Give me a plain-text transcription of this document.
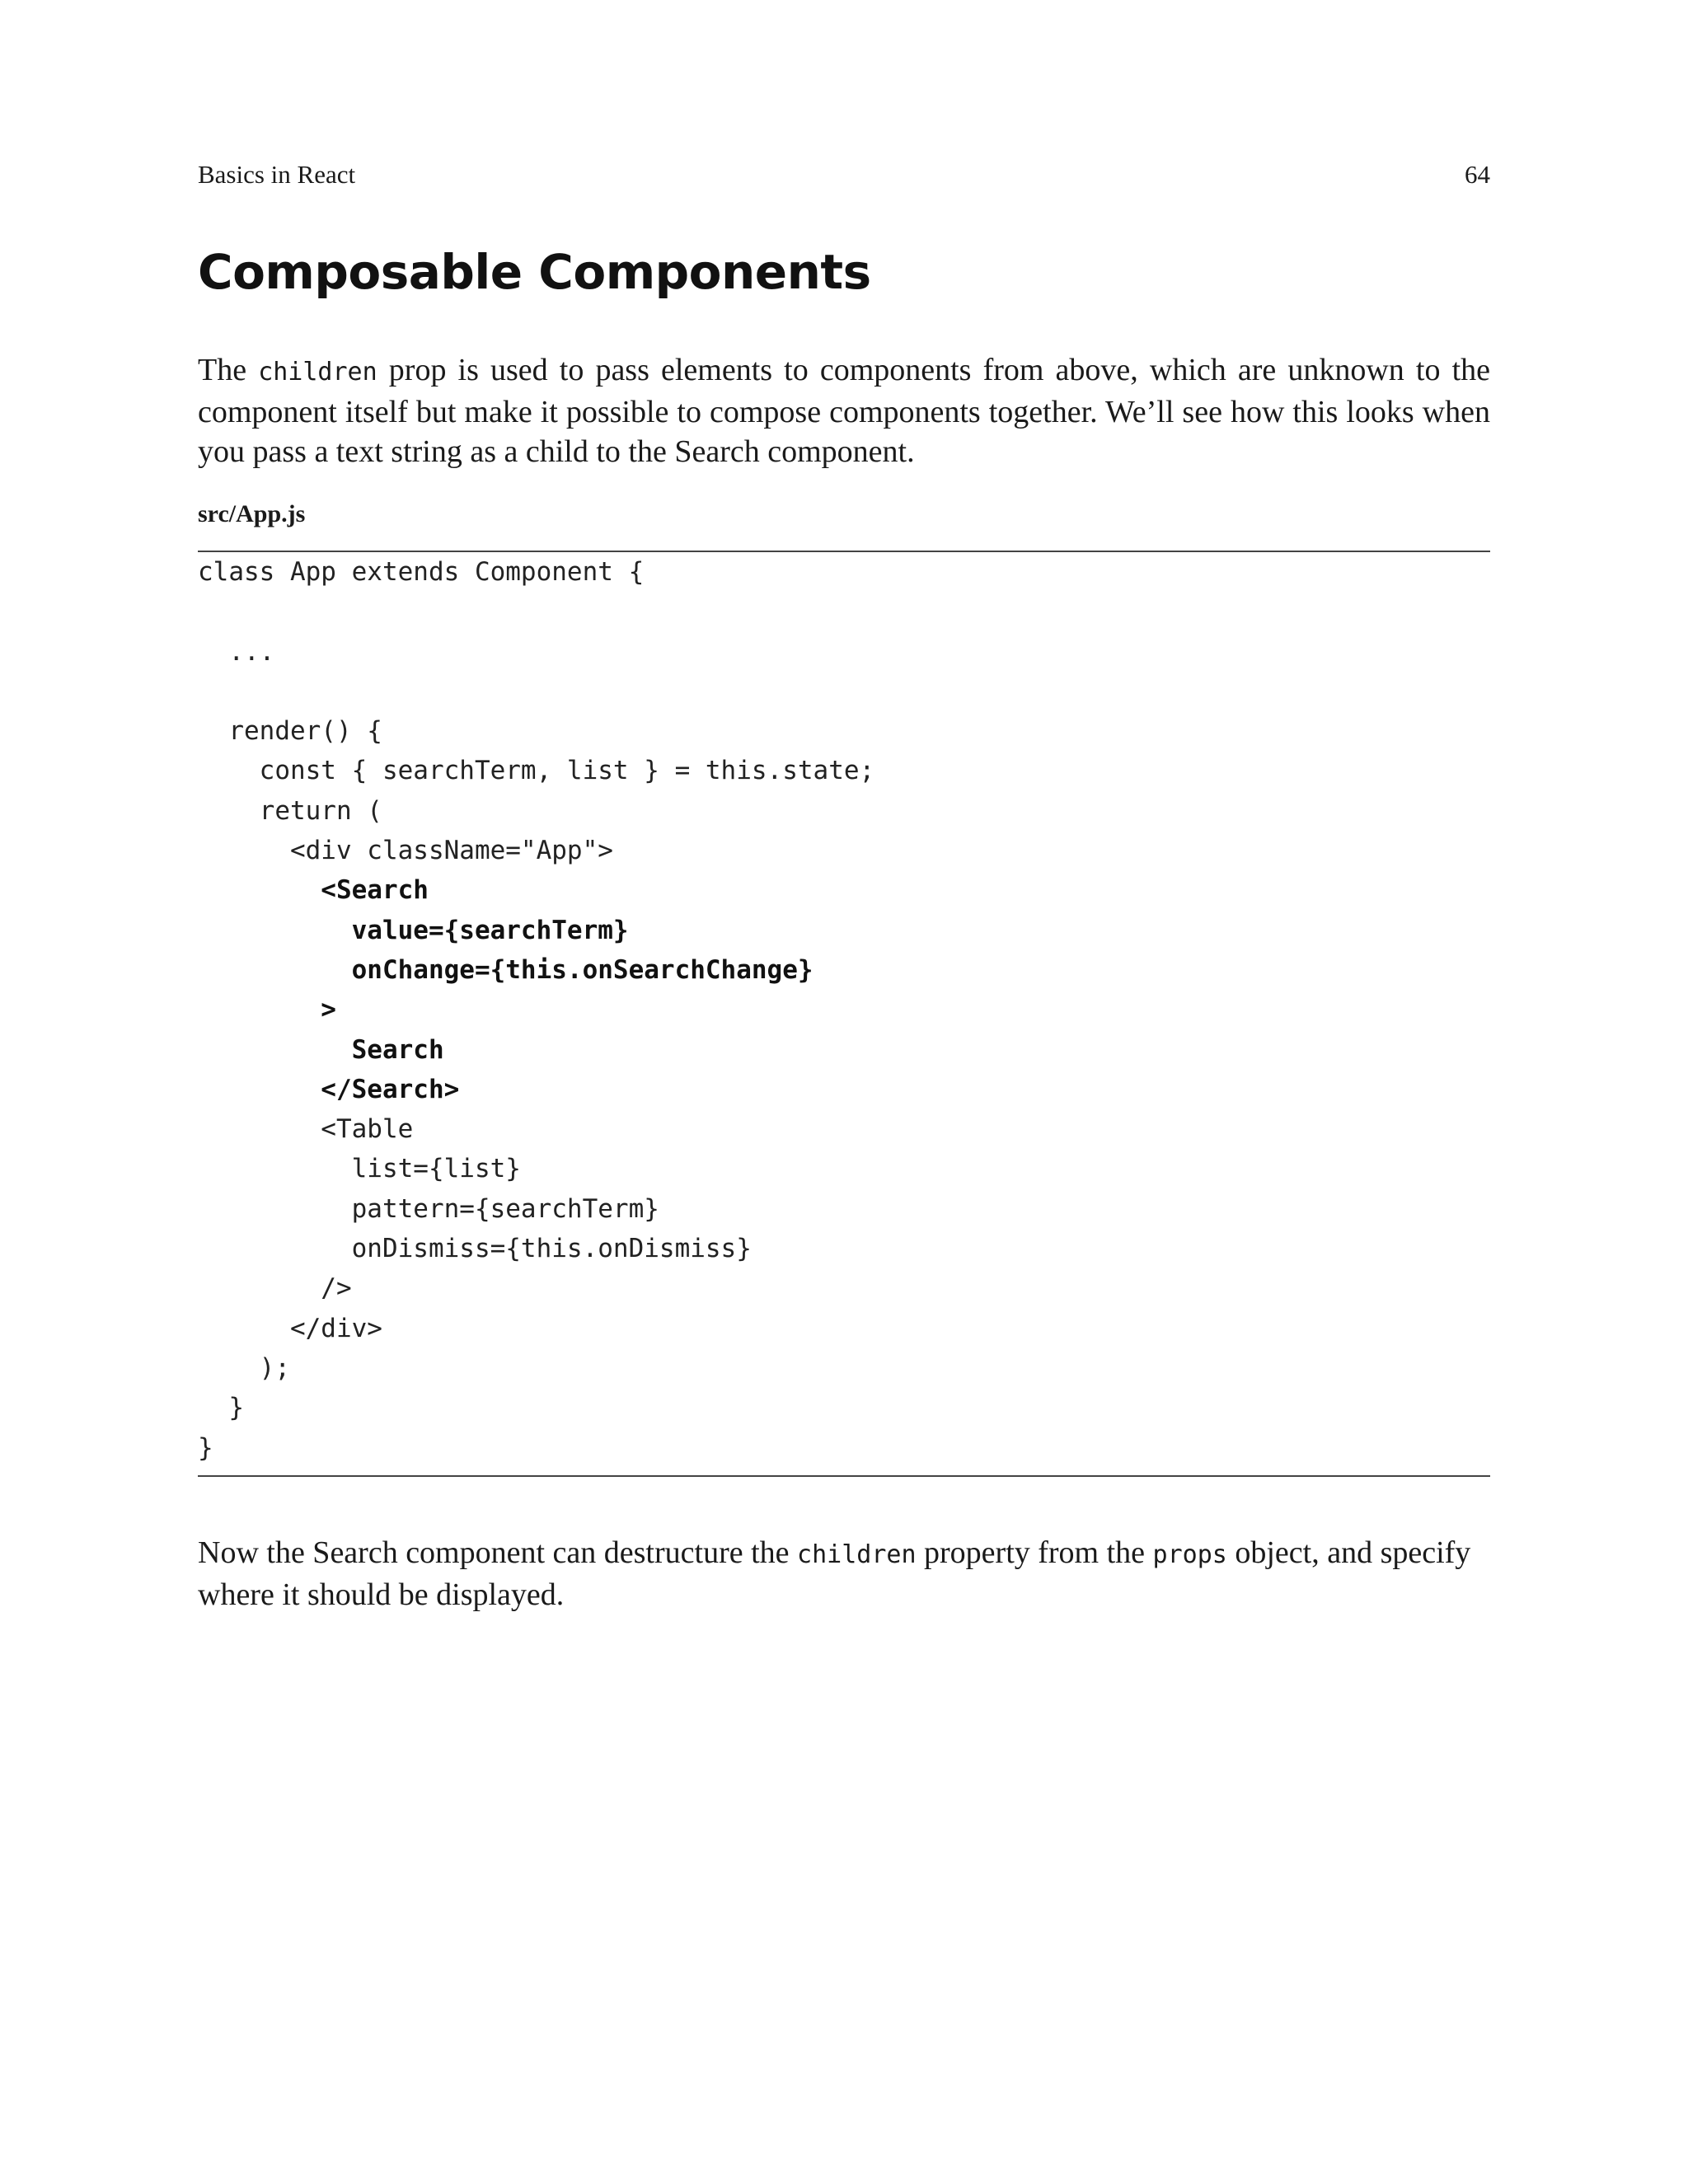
Basics in React	64
Composable Components

The children prop is used to pass elements to components from above, which are unknown to the component itself but make it possible to compose components together. We’ll see how this looks when you pass a text string as a child to the Search component.

src/App.js
class App extends Component {
...
render() {
const { searchTerm, list } = this.state;
return (
<div className="App">
<Search
value={searchTerm}
onChange={this.onSearchChange}
>
Search
</Search>
<Table
list={list}
pattern={searchTerm}
onDismiss={this.onDismiss}
/>
</div>
);
}
}

Now the Search component can destructure the children property from the props object, and specify where it should be displayed.
